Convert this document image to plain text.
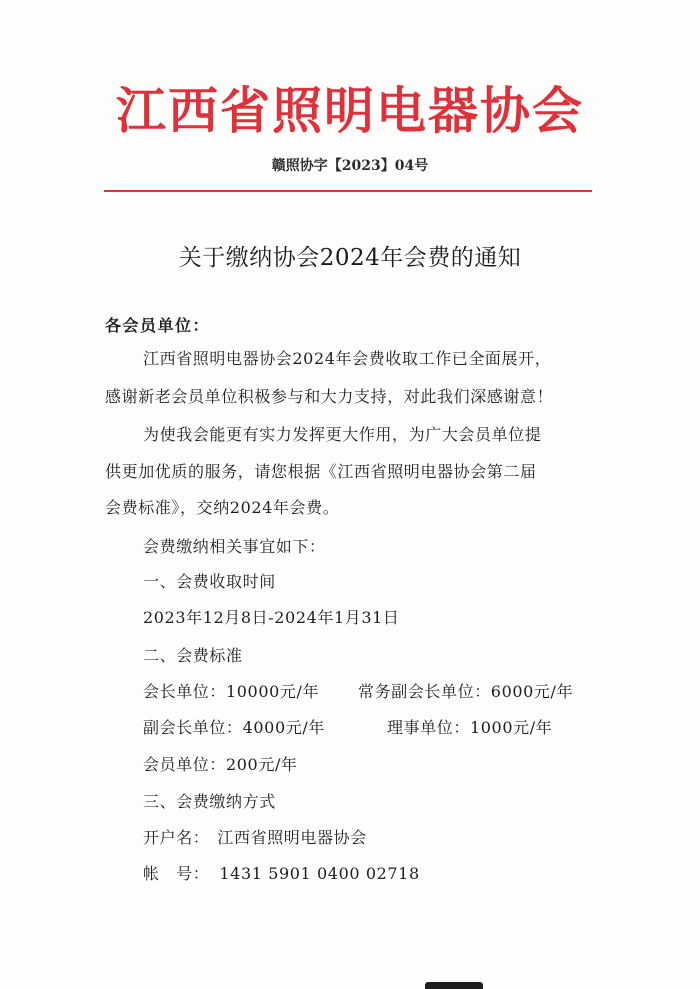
江西省照明电器协会
赣照协字【2023】04号
关于缴纳协会2024年会费的通知
各会员单位：
江西省照明电器协会2024年会费收取工作已全面展开，
感谢新老会员单位积极参与和大力支持，对此我们深感谢意！
为使我会能更有实力发挥更大作用，为广大会员单位提
供更加优质的服务，请您根据《江西省照明电器协会第二届
会费标准》，交纳2024年会费。
会费缴纳相关事宜如下：
一、会费收取时间
2023年12月8日-2024年1月31日
二、会费标准
会长单位：10000元/年 常务副会长单位：6000元/年
副会长单位：4000元/年	理事单位：1000元/年
会员单位：200元/年
三、会费缴纳方式
开户名： 江西省照明电器协会
帐　号： 1431 5901 0400 02718
